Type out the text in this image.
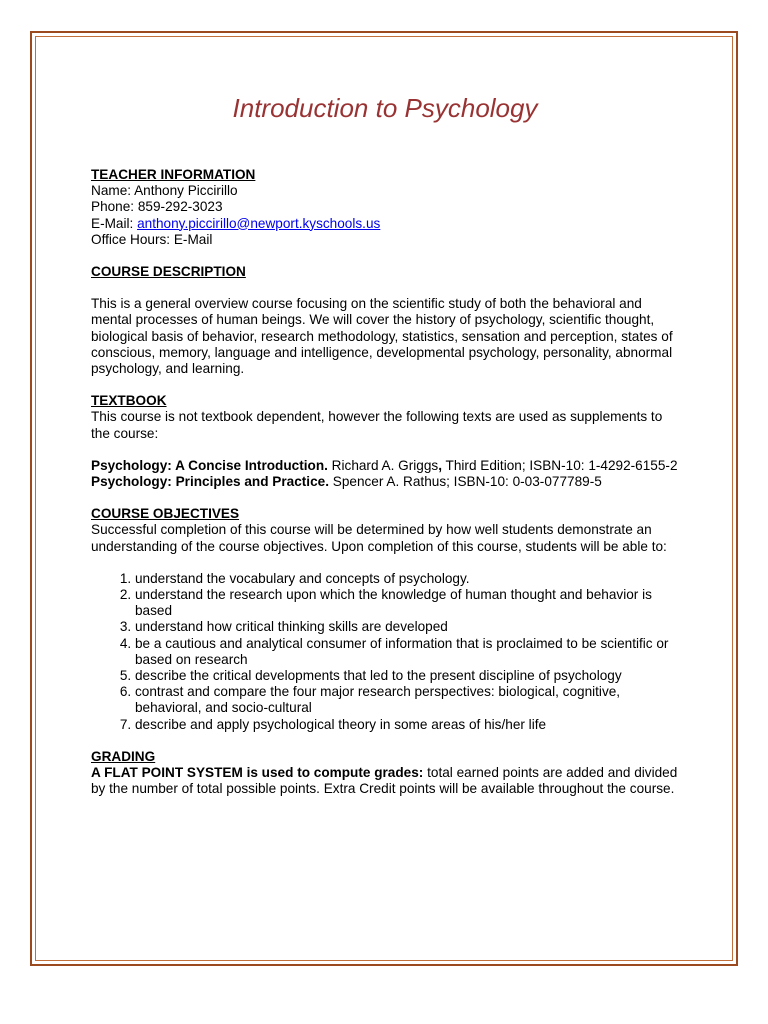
Introduction to Psychology

TEACHER INFORMATION

Name: Anthony Piccirillo

Phone: 859-292-3023

E-Mail: anthony.piccirillo@newport.kyschools.us

Office Hours: E-Mail

COURSE DESCRIPTION

This is a general overview course focusing on the scientific study of both the behavioral and mental processes of human beings. We will cover the history of psychology, scientific thought, biological basis of behavior, research methodology, statistics, sensation and perception, states of conscious, memory, language and intelligence, developmental psychology, personality, abnormal psychology, and learning.

TEXTBOOK

This course is not textbook dependent, however the following texts are used as supplements to the course:

Psychology: A Concise Introduction. Richard A. Griggs, Third Edition; ISBN-10: 1-4292-6155-2

Psychology: Principles and Practice. Spencer A. Rathus; ISBN-10: 0-03-077789-5

COURSE OBJECTIVES

Successful completion of this course will be determined by how well students demonstrate an understanding of the course objectives. Upon completion of this course, students will be able to:

1. understand the vocabulary and concepts of psychology.
2. understand the research upon which the knowledge of human thought and behavior is based
3. understand how critical thinking skills are developed
4. be a cautious and analytical consumer of information that is proclaimed to be scientific or based on research
5. describe the critical developments that led to the present discipline of psychology
6. contrast and compare the four major research perspectives: biological, cognitive, behavioral, and socio-cultural
7. describe and apply psychological theory in some areas of his/her life

GRADING

A FLAT POINT SYSTEM is used to compute grades: total earned points are added and divided by the number of total possible points. Extra Credit points will be available throughout the course.
